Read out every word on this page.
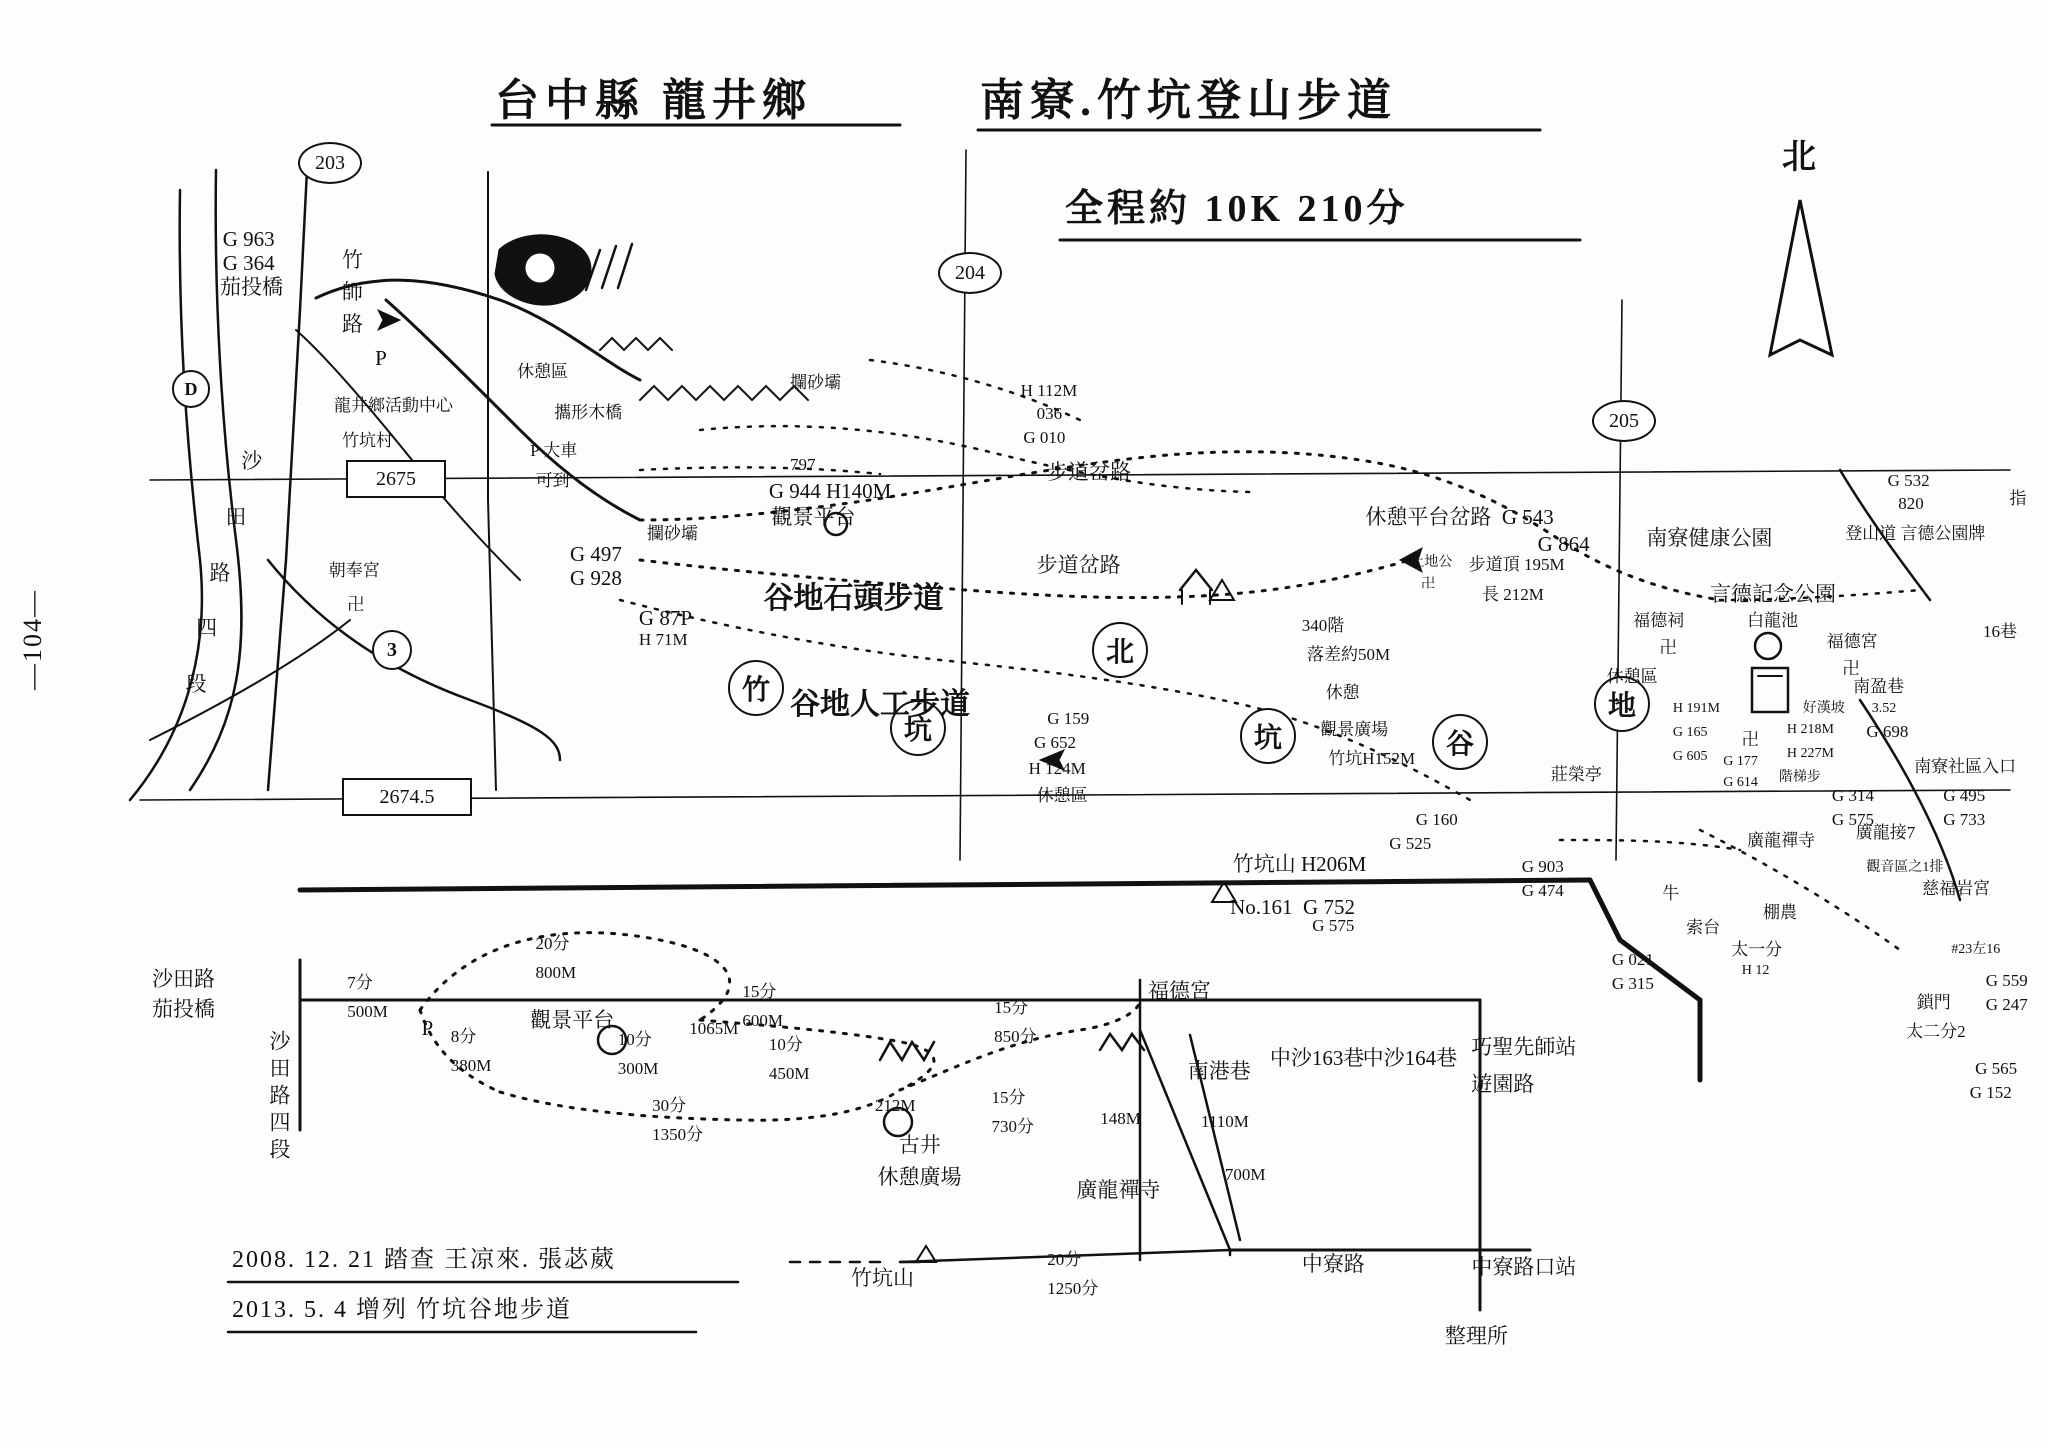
台中縣 龍井鄉	南寮.竹坑登山步道
全程約 10K 210分
北
—104—
2675
2674.5
203
204
205
竹
坑
北
坑	谷
地
D
3
G 963
G 364
茄投橋
竹
師
路
P
龍井鄉活動中心
竹坑村
休憩區
攜形木橋
P 大車
可到
攔砂壩
攔砂壩
沙
田
路
四
段
朝奉宮
卍
G 497
G 928
G 87P
H 71M
797
G 944 H140M
觀景平台
H 112M
036
G 010
步道岔路
步道岔路
谷地石頭步道
谷地人工步道	G 159
G 652
H 124M
休憩區
休憩平台岔路  G 543
G 864
土地公
卍
步道頂 195M
長 212M
340階
落差約50M
休憩
觀景廣場
竹坑H152M
莊榮亭
G 160
G 525
竹坑山 H206M
No.161  G 752
G 575
G 903
G 474
G 021
G 315
南寮健康公園
言德記念公園
白龍池
福德祠
卍
休憩區
福德宮
卍
南盈巷
3.52
G 698
H 227M
H 218M
H 191M
G 165
G 605
卍
好漢坡
G 177
G 614 階梯步
G 314
G 575
廣龍禪寺 廣龍接7
南寮社區入口
G 495
G 733
G 532
820
登山道 言德公園牌
指
16巷
慈福岩宮
觀音區之1排
牛
棚農
索台
太一分
H 12
鎖門
太二分2
#23左16
G 559
G 247
G 565
G 152
沙田路
茄投橋
沙田路四段
P	觀景平台
古井
休憩廣場
福德宮
7分
500M
20分
800M
8分
380M
10分
300M
15分
600M
10分
450M
30分
1350分
15分
730分
15分
850分
20分
1250分
212M
148M	1110M
700M
1065M
南港巷
中沙163巷
中沙164巷 巧聖先師站
遊園路
廣龍禪寺
竹坑山
中寮路	中寮路口站
整理所
2008. 12. 21 踏查 王凉來. 張苾葳
2013. 5. 4 增列 竹坑谷地步道
